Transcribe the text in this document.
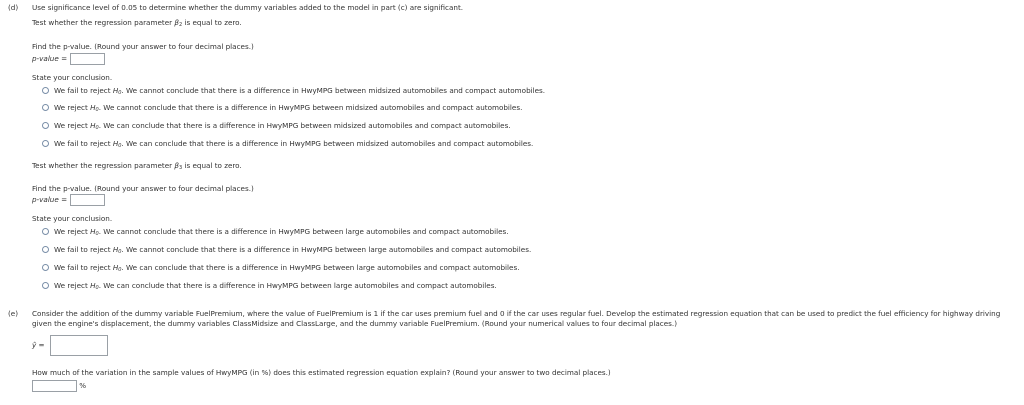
(d) Use significance level of 0.05 to determine whether the dummy variables added to the model in part (c) are significant.
Test whether the regression parameter $\beta_2$ is equal to zero.
Find the p-value. (Round your answer to four decimal places.)
p-value =
State your conclusion.
We fail to reject $H_0$. We cannot conclude that there is a difference in HwyMPG between midsized automobiles and compact automobiles.
We reject $H_0$. We cannot conclude that there is a difference in HwyMPG between midsized automobiles and compact automobiles.
We reject $H_0$. We can conclude that there is a difference in HwyMPG between midsized automobiles and compact automobiles.
We fail to reject $H_0$. We can conclude that there is a difference in HwyMPG between midsized automobiles and compact automobiles.
Test whether the regression parameter $\beta_3$ is equal to zero.
Find the p-value. (Round your answer to four decimal places.)
p-value =
State your conclusion.
We reject $H_0$. We cannot conclude that there is a difference in HwyMPG between large automobiles and compact automobiles.
We fail to reject $H_0$. We cannot conclude that there is a difference in HwyMPG between large automobiles and compact automobiles.
We fail to reject $H_0$. We can conclude that there is a difference in HwyMPG between large automobiles and compact automobiles.
We reject $H_0$. We can conclude that there is a difference in HwyMPG between large automobiles and compact automobiles.
(e) Consider the addition of the dummy variable FuelPremium, where the value of FuelPremium is 1 if the car uses premium fuel and 0 if the car uses regular fuel. Develop the estimated regression equation that can be used to predict the fuel efficiency for highway driving given the engine's displacement, the dummy variables ClassMidsize and ClassLarge, and the dummy variable FuelPremium. (Round your numerical values to four decimal places.)
ŷ =
How much of the variation in the sample values of HwyMPG (in %) does this estimated regression equation explain? (Round your answer to two decimal places.)
%
